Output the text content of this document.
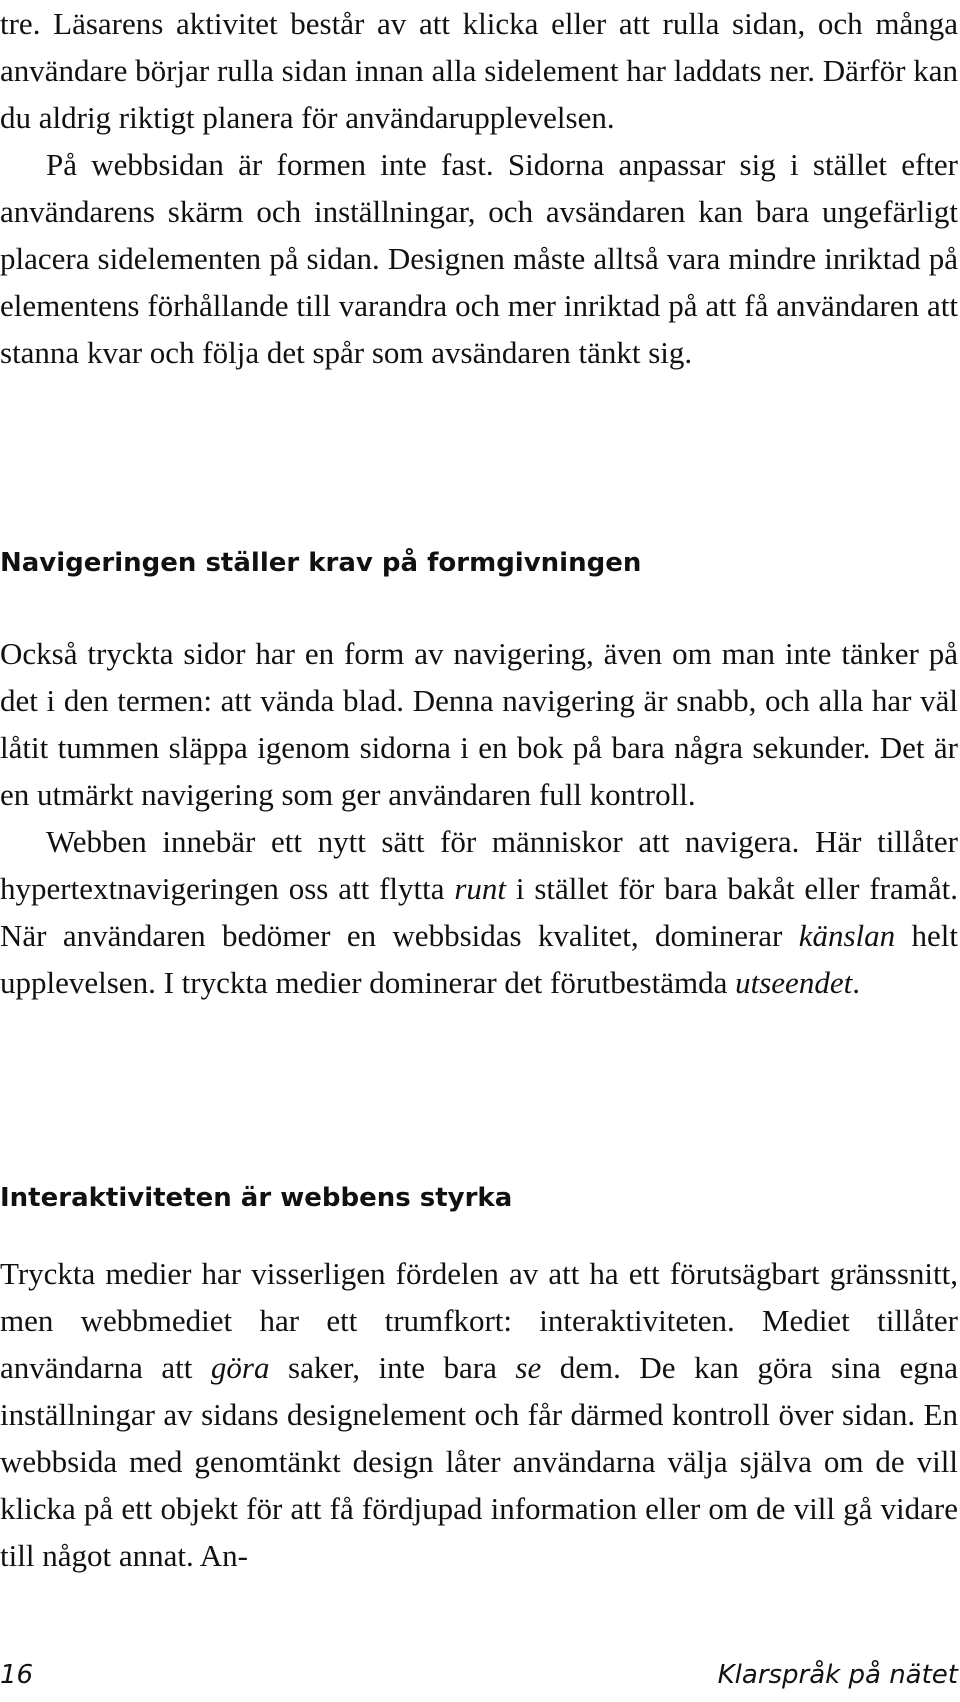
tre. Läsarens aktivitet består av att klicka eller att rulla sidan, och många användare börjar rulla sidan innan alla sidelement har laddats ner. Därför kan du aldrig riktigt planera för användarupplevelsen.

På webbsidan är formen inte fast. Sidorna anpassar sig i stället efter användarens skärm och inställningar, och avsändaren kan bara ungefärligt placera sidelementen på sidan. Designen måste alltså vara mindre inriktad på elementens förhållande till varandra och mer inriktad på att få användaren att stanna kvar och följa det spår som avsändaren tänkt sig.

Navigeringen ställer krav på formgivningen

Också tryckta sidor har en form av navigering, även om man inte tänker på det i den termen: att vända blad. Denna navigering är snabb, och alla har väl låtit tummen släppa igenom sidorna i en bok på bara några sekunder. Det är en utmärkt navigering som ger användaren full kontroll.

Webben innebär ett nytt sätt för människor att navigera. Här tillåter hypertextnavigeringen oss att flytta runt i stället för bara bakåt eller framåt. När användaren bedömer en webbsidas kvalitet, dominerar känslan helt upplevelsen. I tryckta medier dominerar det förutbestämda utseendet.

Interaktiviteten är webbens styrka

Tryckta medier har visserligen fördelen av att ha ett förutsägbart gränssnitt, men webbmediet har ett trumfkort: interaktiviteten. Mediet tillåter användarna att göra saker, inte bara se dem. De kan göra sina egna inställningar av sidans designelement och får därmed kontroll över sidan. En webbsida med genomtänkt design låter användarna välja själva om de vill klicka på ett objekt för att få fördjupad information eller om de vill gå vidare till något annat. An-

16	Klarspråk på nätet
